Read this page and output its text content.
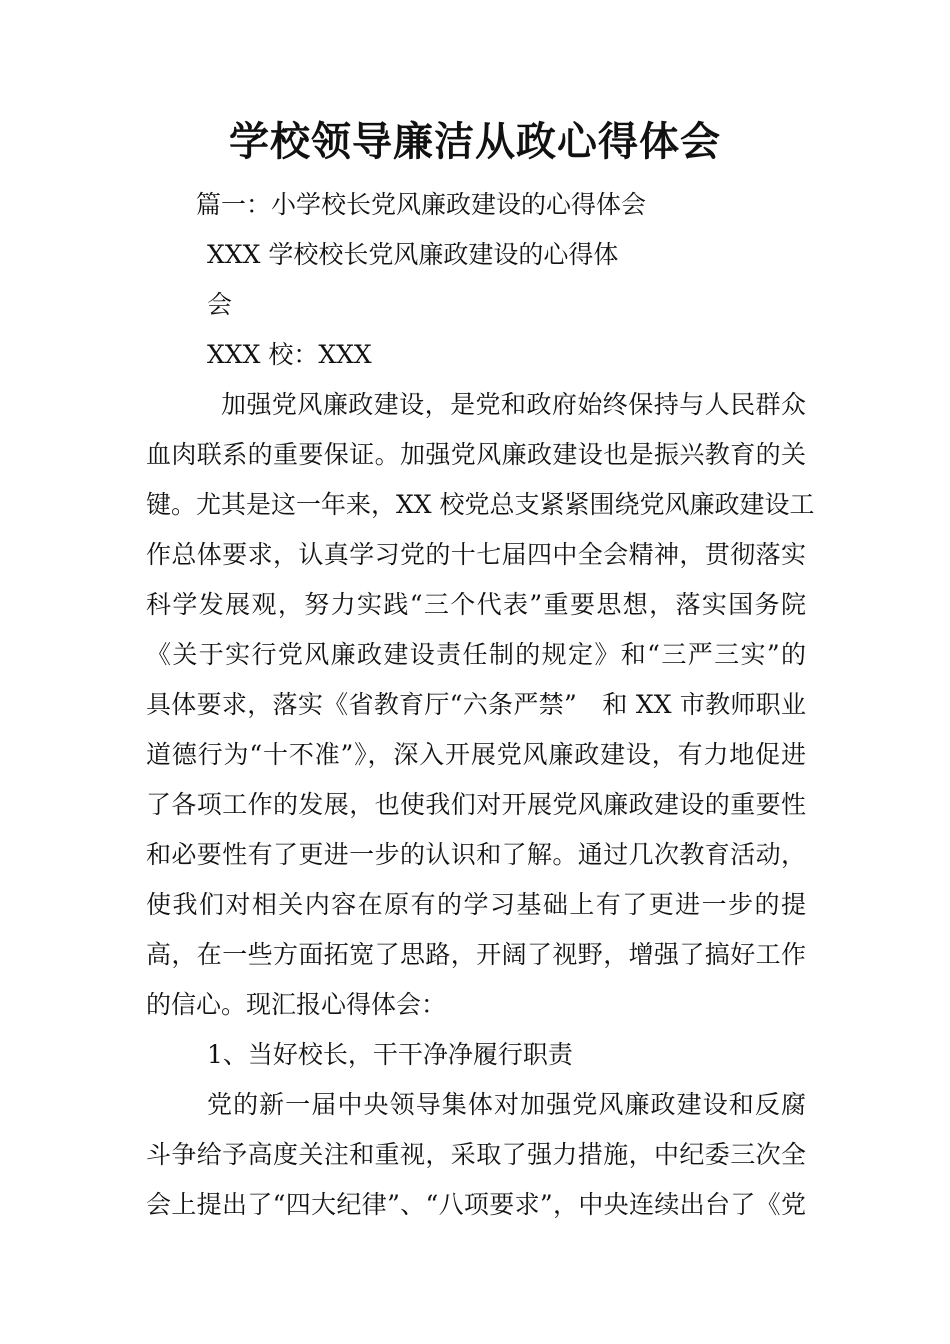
学校领导廉洁从政心得体会
篇一：小学校长党风廉政建设的心得体会
XXX 学校校长党风廉政建设的心得体
会
XXX 校：XXX
加强党风廉政建设，是党和政府始终保持与人民群众
血肉联系的重要保证。加强党风廉政建设也是振兴教育的关
键。尤其是这一年来，XX 校党总支紧紧围绕党风廉政建设工
作总体要求，认真学习党的十七届四中全会精神，贯彻落实
科学发展观，努力实践“三个代表”重要思想，落实国务院
《关于实行党风廉政建设责任制的规定》和“三严三实”的
具体要求，落实《省教育厅“六条严禁”　和 XX 市教师职业
道德行为“十不准”》，深入开展党风廉政建设，有力地促进
了各项工作的发展，也使我们对开展党风廉政建设的重要性
和必要性有了更进一步的认识和了解。通过几次教育活动，
使我们对相关内容在原有的学习基础上有了更进一步的提
高，在一些方面拓宽了思路，开阔了视野，增强了搞好工作
的信心。现汇报心得体会：
1、当好校长，干干净净履行职责
党的新一届中央领导集体对加强党风廉政建设和反腐
斗争给予高度关注和重视，采取了强力措施，中纪委三次全
会上提出了“四大纪律”、“八项要求”，中央连续出台了《党
